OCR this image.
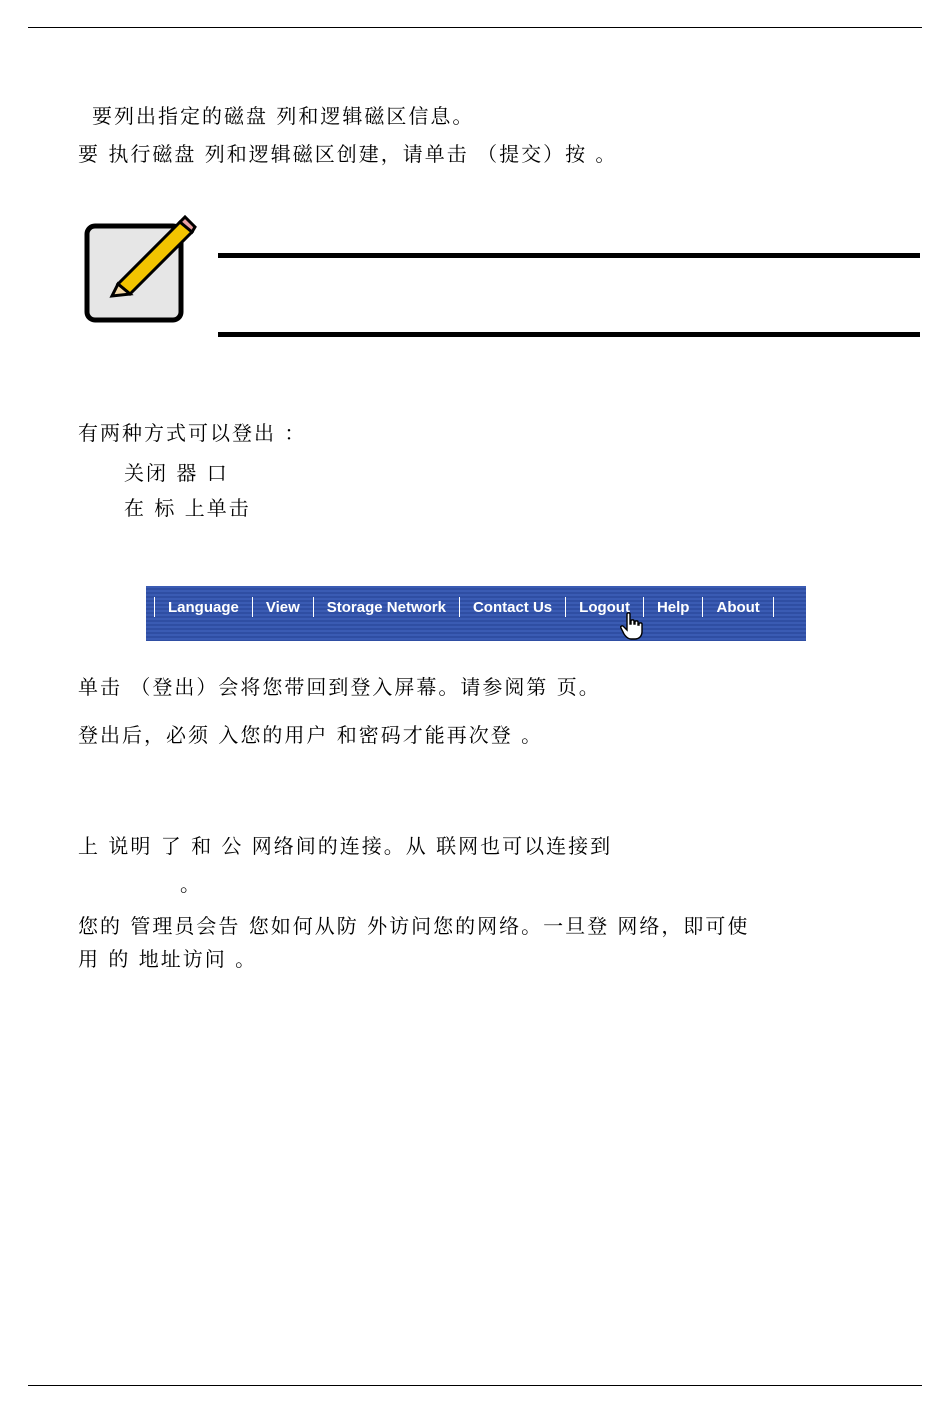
要列出指定的磁盘 列和逻辑磁区信息。
要 执行磁盘 列和逻辑磁区创建，请单击 （提交）按 。
有两种方式可以登出 ：
关闭 器 口
在 标 上单击
Language	View	Storage Network	Contact Us	Logout	Help	About
单击 （登出）会将您带回到登入屏幕。请参阅第 页。
登出后，必须 入您的用户 和密码才能再次登 。
上 说明 了 和 公 网络间的连接。从 联网也可以连接到
。
您的 管理员会告 您如何从防 外访问您的网络。一旦登 网络，即可使
用 的 地址访问 。
